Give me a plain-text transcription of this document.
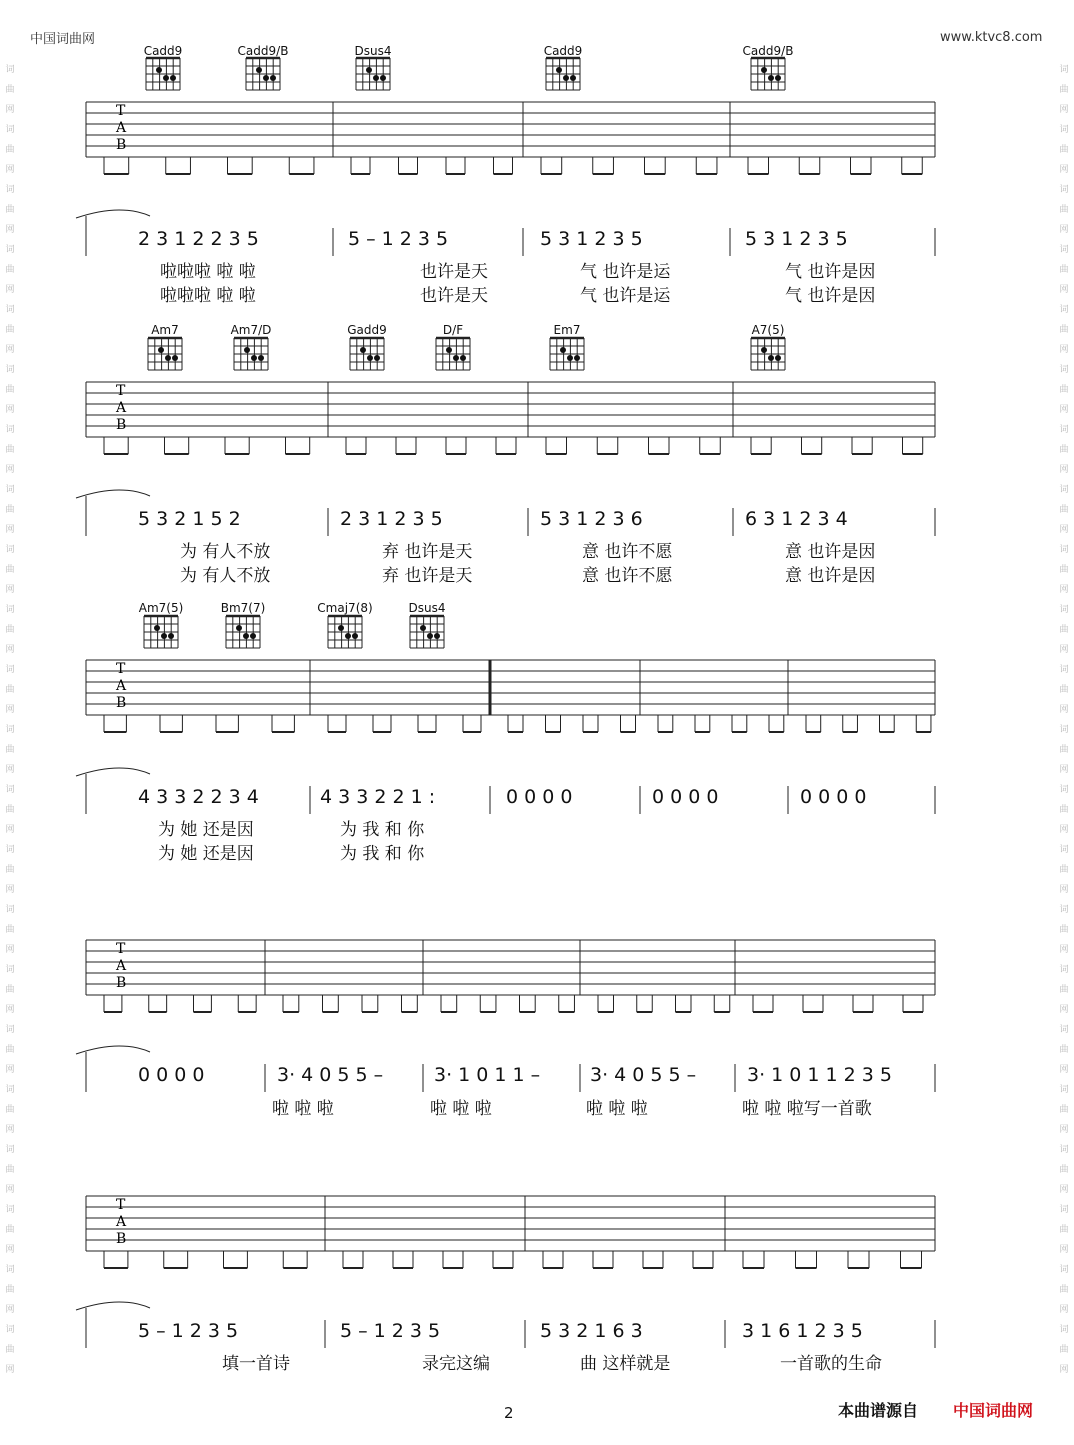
中国词曲网	www.ktvc8.com
词
曲
网
词
曲
网
词
曲
网
词
曲
网
词
曲
网
词
曲
网
词
曲
网
词
曲
网
词
曲
网
词
曲
网
词
曲
网
词
曲
网
词
曲
网
词
曲
网
词
曲
网
词
曲
网
词
曲
网
词
曲
网
词
曲
网
词
曲
网
词
曲
网
词
曲
网
词
曲
网
词
曲
网
词
曲
网
词
曲
网
词
曲
网
词
曲
网
词
曲
网
词
曲
网
词
曲
网
词
曲
网
词
曲
网
词
曲
网
词
曲
网
词
曲
网
词
曲
网
词
曲
网
词
曲
网
词
曲
网
词
曲
网
词
曲
网
词
曲
网
词
曲
网
T
A
B
T
A
B
T
A
B
T
A
B
T
A
B
Cadd9	Cadd9/B	Dsus4	Cadd9	Cadd9/B
2 3 1 2 2 3 5	5 – 1 2 3 5	5 3 1 2 3 5	5 3 1 2 3 5
啦啦啦 啦 啦	也许是天	气 也许是运	气 也许是因
啦啦啦 啦 啦	也许是天	气 也许是运	气 也许是因
Am7	Am7/D	Gadd9	D/F	Em7	A7(5)
5 3 2 1 5 2	2 3 1 2 3 5	5 3 1 2 3 6	6 3 1 2 3 4
为 有人不放	弃 也许是天	意 也许不愿	意 也许是因
为 有人不放	弃 也许是天	意 也许不愿	意 也许是因
Am7(5)	Bm7(7)	Cmaj7(8)	Dsus4
4 3 3 2 2 3 4	4 3 3 2 2 1 :	0 0 0 0	0 0 0 0	0 0 0 0
为 她 还是因	为 我 和 你
为 她 还是因	为 我 和 你
0 0 0 0	3· 4 0 5 5 –	3· 1 0 1 1 –	3· 4 0 5 5 –	3· 1 0 1 1 2 3 5
啦 啦 啦	啦 啦 啦	啦 啦 啦	啦 啦 啦写一首歌
5 – 1 2 3 5	5 – 1 2 3 5	5 3 2 1 6 3	3 1 6 1 2 3 5
填一首诗	录完这编	曲 这样就是	一首歌的生命
2	本曲谱源自 中国词曲网
